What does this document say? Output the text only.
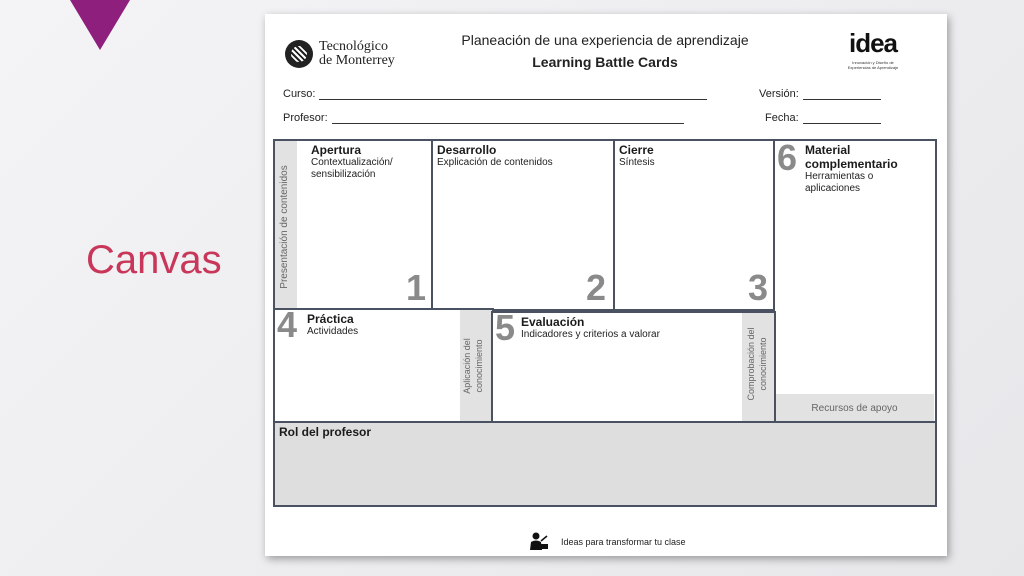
Canvas
Tecnológico
de Monterrey
Planeación de una experiencia de aprendizaje
Learning Battle Cards
idea
Innovación y Diseño de Experiencias de Aprendizaje
Curso:	Versión:
Profesor:	Fecha:
Presentación de contenidos
Apertura
Contextualización/ sensibilización
1
Desarrollo
Explicación de contenidos
2
Cierre
Síntesis
3
6 Material complementario
Herramientas o aplicaciones
Recursos de apoyo
4 Práctica
Actividades
Aplicación del conocimiento
5 Evaluación
Indicadores y criterios a valorar	Comprobación del conocimiento
Rol del profesor
Ideas para transformar tu clase
